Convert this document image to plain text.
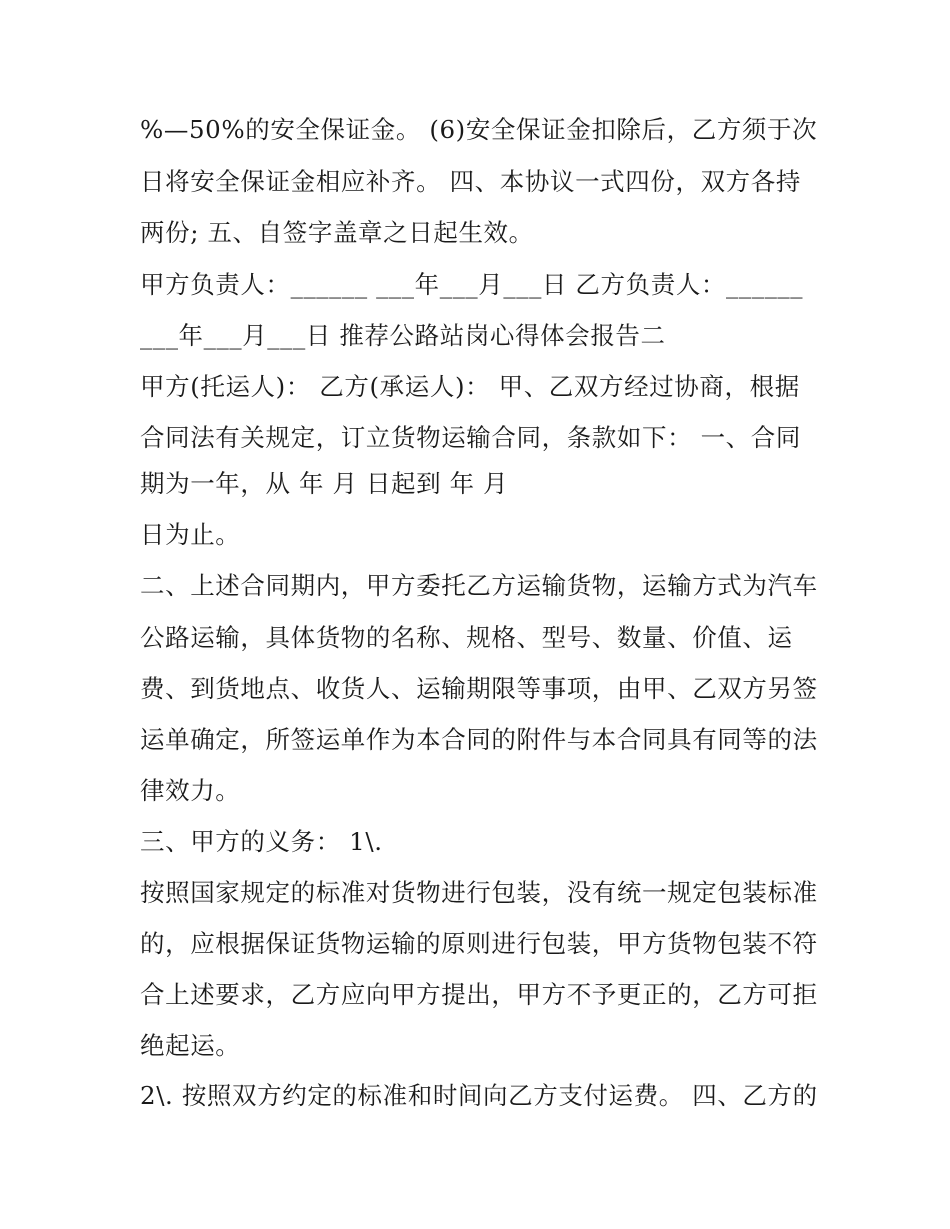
%—50%的安全保证金。 (6)安全保证金扣除后，乙方须于次
日将安全保证金相应补齐。 四、本协议一式四份，双方各持
两份; 五、自签字盖章之日起生效。
甲方负责人：______ ___年___月___日 乙方负责人：______
___年___月___日 推荐公路站岗心得体会报告二
甲方(托运人)： 乙方(承运人)： 甲、乙双方经过协商，根据
合同法有关规定，订立货物运输合同，条款如下： 一、合同
期为一年，从 年 月 日起到 年 月
日为止。
二、上述合同期内，甲方委托乙方运输货物，运输方式为汽车
公路运输，具体货物的名称、规格、型号、数量、价值、运
费、到货地点、收货人、运输期限等事项，由甲、乙双方另签
运单确定，所签运单作为本合同的附件与本合同具有同等的法
律效力。
三、甲方的义务： 1\.
按照国家规定的标准对货物进行包装，没有统一规定包装标准
的，应根据保证货物运输的原则进行包装，甲方货物包装不符
合上述要求，乙方应向甲方提出，甲方不予更正的，乙方可拒
绝起运。
2\. 按照双方约定的标准和时间向乙方支付运费。 四、乙方的
